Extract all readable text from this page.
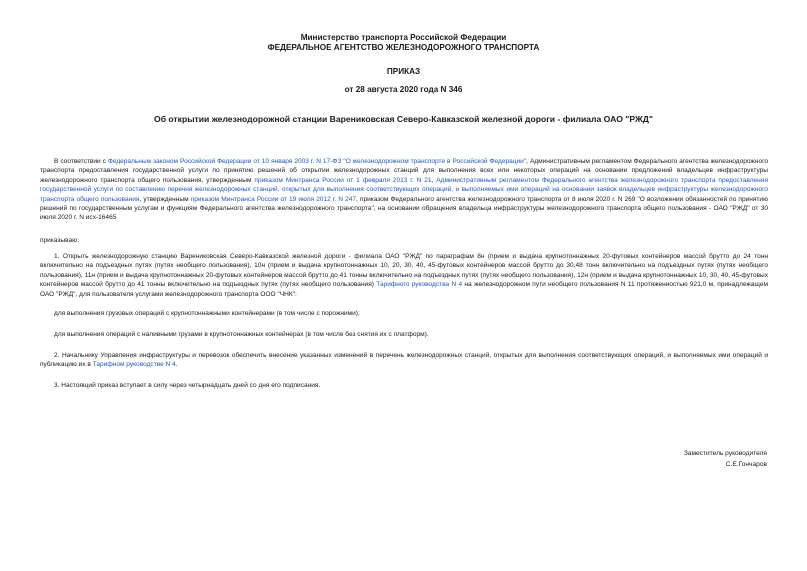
Министерство транспорта Российской Федерации
ФЕДЕРАЛЬНОЕ АГЕНТСТВО ЖЕЛЕЗНОДОРОЖНОГО ТРАНСПОРТА
ПРИКАЗ
от 28 августа 2020 года N 346
Об открытии железнодорожной станции Варениковская Северо-Кавказской железной дороги - филиала ОАО "РЖД"
В соответствии с Федеральным законом Российской Федерации от 10 января 2003 г. N 17-ФЗ "О железнодорожном транспорте в Российской Федерации", Административным регламентом Федерального агентства железнодорожного транспорта предоставления государственной услуги по принятию решений об открытии железнодорожных станций для выполнения всех или некоторых операций на основании предложений владельцев инфраструктуры железнодорожного транспорта общего пользования, утвержденным приказом Минтранса России от 1 февраля 2013 г. N 21, Административным регламентом Федерального агентства железнодорожного транспорта предоставления государственной услуги по составлению перечня железнодорожных станций, открытых для выполнения соответствующих операций, и выполняемых ими операций на основании заявок владельцев инфраструктуры железнодорожного транспорта общего пользования, утвержденным приказом Минтранса России от 19 июля 2012 г. N 247, приказом Федерального агентства железнодорожного транспорта от 8 июля 2020 г. N 269 "О возложении обязанностей по принятию решений по государственным услугам и функциям Федерального агентства железнодорожного транспорта", на основании обращения владельца инфраструктуры железнодорожного транспорта общего пользования - ОАО "РЖД" от 30 июля 2020 г. N исх-16465
приказываю:
1. Открыть железнодорожную станцию Варениковская Северо-Кавказской железной дороги - филиала ОАО "РЖД" по параграфам 8н (прием и выдача крупнотоннажных 20-футовых контейнеров массой брутто до 24 тонн включительно на подъездных путях (путях необщего пользования), 10н (прием и выдача крупнотоннажных 10, 20, 30, 40, 45-футовых контейнеров массой брутто до 30,48 тонн включительно на подъездных путях (путях необщего пользования), 11н (прием и выдача крупнотоннажных 20-футовых контейнеров массой брутто до 41 тонны включительно на подъездных путях (путях необщего пользования), 12н (прием и выдача крупнотоннажных 10, 30, 40, 45-футовых контейнеров массой брутто до 41 тонны включительно на подъездных путях (путях необщего пользования) Тарифного руководства N 4 на железнодорожном пути необщего пользования N 11 протяженностью 921,0 м, принадлежащем ОАО "РЖД", для пользователя услугами железнодорожного транспорта ООО "ЧНК":
для выполнения грузовых операций с крупнотоннажными контейнерами (в том числе с порожними);
для выполнения операций с наливными грузами в крупнотоннажных контейнерах (в том числе без снятия их с платформ).
2. Начальнику Управления инфраструктуры и перевозок обеспечить внесение указанных изменений в перечень железнодорожных станций, открытых для выполнения соответствующих операций, и выполняемых ими операций и публикацию их в Тарифном руководстве N 4.
3. Настоящий приказ вступает в силу через четырнадцать дней со дня его подписания.
Заместитель руководителя
С.Е.Гончаров
